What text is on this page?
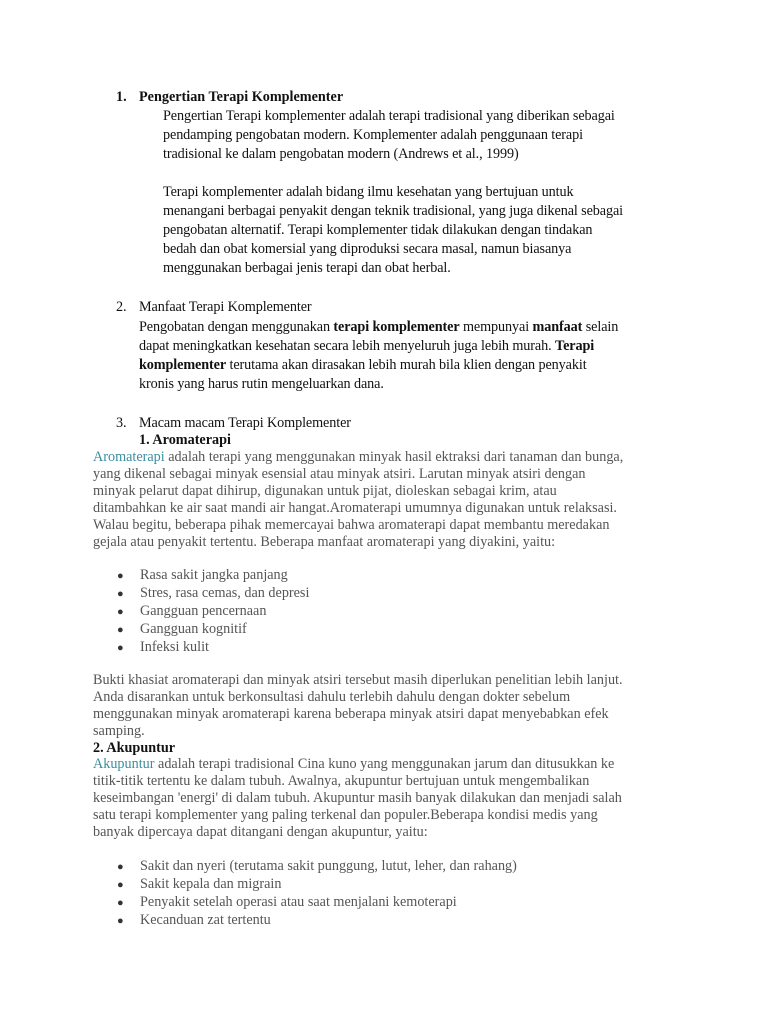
1. Pengertian Terapi Komplementer
Pengertian Terapi komplementer adalah terapi tradisional yang diberikan sebagai
pendamping pengobatan modern. Komplementer adalah penggunaan terapi
tradisional ke dalam pengobatan modern (Andrews et al., 1999)
Terapi komplementer adalah bidang ilmu kesehatan yang bertujuan untuk
menangani berbagai penyakit dengan teknik tradisional, yang juga dikenal sebagai
pengobatan alternatif. Terapi komplementer tidak dilakukan dengan tindakan
bedah dan obat komersial yang diproduksi secara masal, namun biasanya
menggunakan berbagai jenis terapi dan obat herbal.
2. Manfaat Terapi Komplementer
Pengobatan dengan menggunakan terapi komplementer mempunyai manfaat selain
dapat meningkatkan kesehatan secara lebih menyeluruh juga lebih murah. Terapi
komplementer terutama akan dirasakan lebih murah bila klien dengan penyakit
kronis yang harus rutin mengeluarkan dana.
3. Macam macam Terapi Komplementer
1. Aromaterapi
Aromaterapi adalah terapi yang menggunakan minyak hasil ektraksi dari tanaman dan bunga,
yang dikenal sebagai minyak esensial atau minyak atsiri. Larutan minyak atsiri dengan
minyak pelarut dapat dihirup, digunakan untuk pijat, dioleskan sebagai krim, atau
ditambahkan ke air saat mandi air hangat.Aromaterapi umumnya digunakan untuk relaksasi.
Walau begitu, beberapa pihak memercayai bahwa aromaterapi dapat membantu meredakan
gejala atau penyakit tertentu. Beberapa manfaat aromaterapi yang diyakini, yaitu:
● Rasa sakit jangka panjang
● Stres, rasa cemas, dan depresi
● Gangguan pencernaan
● Gangguan kognitif
● Infeksi kulit
Bukti khasiat aromaterapi dan minyak atsiri tersebut masih diperlukan penelitian lebih lanjut.
Anda disarankan untuk berkonsultasi dahulu terlebih dahulu dengan dokter sebelum
menggunakan minyak aromaterapi karena beberapa minyak atsiri dapat menyebabkan efek
samping.
2. Akupuntur
Akupuntur adalah terapi tradisional Cina kuno yang menggunakan jarum dan ditusukkan ke
titik-titik tertentu ke dalam tubuh. Awalnya, akupuntur bertujuan untuk mengembalikan
keseimbangan 'energi' di dalam tubuh. Akupuntur masih banyak dilakukan dan menjadi salah
satu terapi komplementer yang paling terkenal dan populer.Beberapa kondisi medis yang
banyak dipercaya dapat ditangani dengan akupuntur, yaitu:
● Sakit dan nyeri (terutama sakit punggung, lutut, leher, dan rahang)
● Sakit kepala dan migrain
● Penyakit setelah operasi atau saat menjalani kemoterapi
● Kecanduan zat tertentu
